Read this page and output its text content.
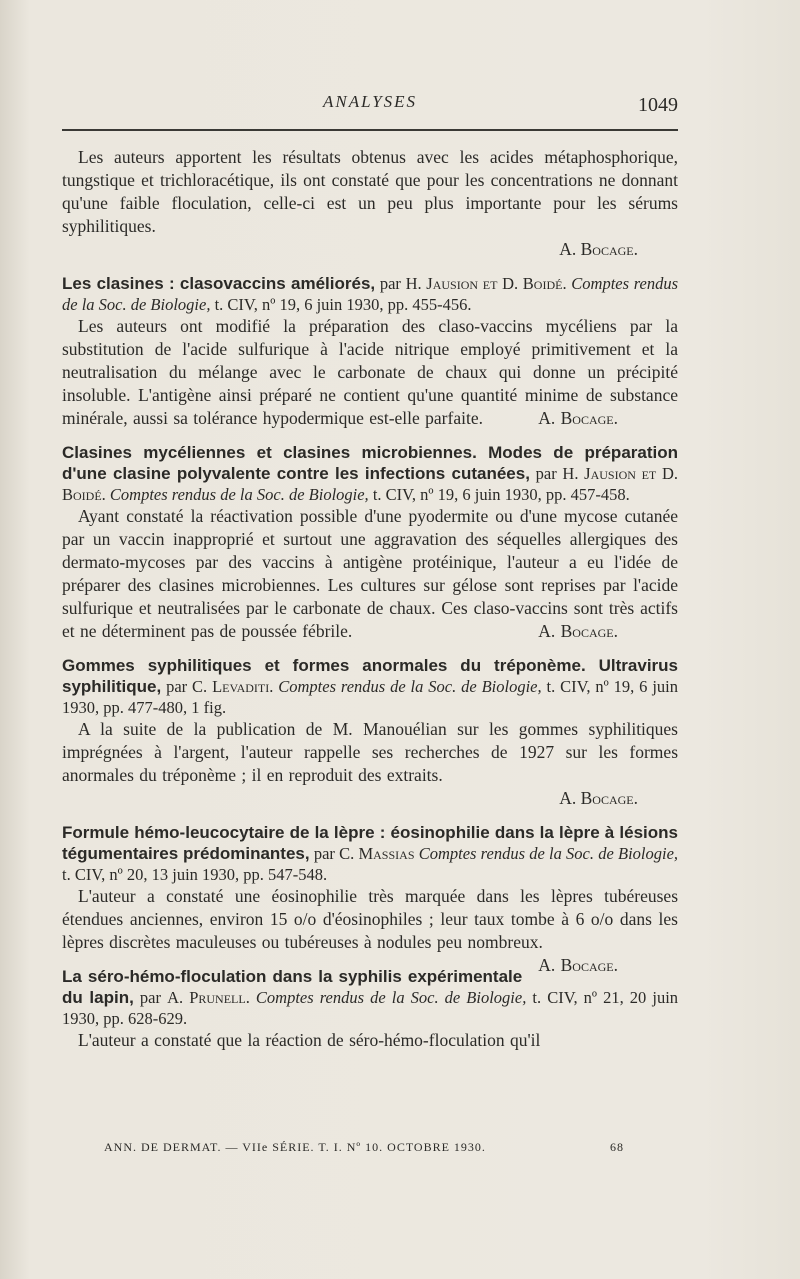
ANALYSES	1049

Les auteurs apportent les résultats obtenus avec les acides métaphosphorique, tungstique et trichloracétique, ils ont constaté que pour les concentrations ne donnant qu'une faible floculation, celle-ci est un peu plus importante pour les sérums syphilitiques.

A. Bocage.

Les clasines : clasovaccins améliorés, par H. Jausion et D. Boidé. Comptes rendus de la Soc. de Biologie, t. CIV, nº 19, 6 juin 1930, pp. 455-456.

Les auteurs ont modifié la préparation des claso-vaccins mycéliens par la substitution de l'acide sulfurique à l'acide nitrique employé primitivement et la neutralisation du mélange avec le carbonate de chaux qui donne un précipité insoluble. L'antigène ainsi préparé ne contient qu'une quantité minime de substance minérale, aussi sa tolérance hypodermique est-elle parfaite.	A. Bocage.

Clasines mycéliennes et clasines microbiennes. Modes de préparation d'une clasine polyvalente contre les infections cutanées, par H. Jausion et D. Boidé. Comptes rendus de la Soc. de Biologie, t. CIV, nº 19, 6 juin 1930, pp. 457-458.

Ayant constaté la réactivation possible d'une pyodermite ou d'une mycose cutanée par un vaccin inapproprié et surtout une aggravation des séquelles allergiques des dermato-mycoses par des vaccins à antigène protéinique, l'auteur a eu l'idée de préparer des clasines microbiennes. Les cultures sur gélose sont reprises par l'acide sulfurique et neutralisées par le carbonate de chaux. Ces claso-vaccins sont très actifs et ne déterminent pas de poussée fébrile.	A. Bocage.

Gommes syphilitiques et formes anormales du tréponème. Ultravirus syphilitique, par C. Levaditi. Comptes rendus de la Soc. de Biologie, t. CIV, nº 19, 6 juin 1930, pp. 477-480, 1 fig.

A la suite de la publication de M. Manouélian sur les gommes syphilitiques imprégnées à l'argent, l'auteur rappelle ses recherches de 1927 sur les formes anormales du tréponème ; il en reproduit des extraits.

A. Bocage.

Formule hémo-leucocytaire de la lèpre : éosinophilie dans la lèpre à lésions tégumentaires prédominantes, par C. Massias Comptes rendus de la Soc. de Biologie, t. CIV, nº 20, 13 juin 1930, pp. 547-548.

L'auteur a constaté une éosinophilie très marquée dans les lèpres tubéreuses étendues anciennes, environ 15 o/o d'éosinophiles ; leur taux tombe à 6 o/o dans les lèpres discrètes maculeuses ou tubéreuses à nodules peu nombreux.
A. Bocage.

La séro-hémo-floculation dans la syphilis expérimentale du lapin, par A. Prunell. Comptes rendus de la Soc. de Biologie, t. CIV, nº 21, 20 juin 1930, pp. 628-629.

L'auteur a constaté que la réaction de séro-hémo-floculation qu'il

ANN. DE DERMAT. — VIIe SÉRIE. T. I. Nº 10. OCTOBRE 1930.	68
